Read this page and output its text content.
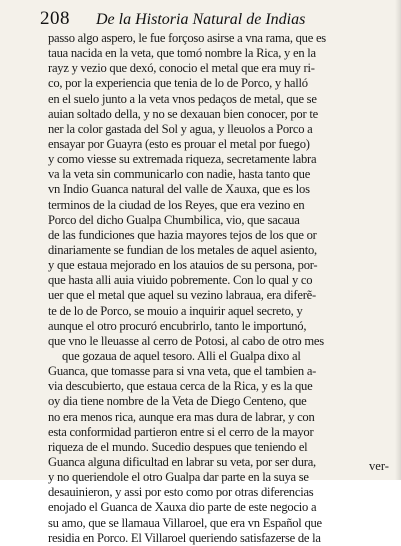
208 De la Historia Natural de Indias
passo algo aspero, le fue forçoso asirse a vna rama, que es
taua nacida en la veta, que tomó nombre la Rica, y en la
rayz y vezio que dexó, conocio el metal que era muy ri-
co, por la experiencia que tenia de lo de Porco, y halló
en el suelo junto a la veta vnos pedaços de metal, que se
auian soltado della, y no se dexauan bien conocer, por te
ner la color gastada del Sol y agua, y lleuolos a Porco a
ensayar por Guayra (esto es prouar el metal por fuego)
y como viesse su extremada riqueza, secretamente labra
va la veta sin communicarlo con nadie, hasta tanto que
vn Indio Guanca natural del valle de Xauxa, que es los
terminos de la ciudad de los Reyes, que era vezino en
Porco del dicho Gualpa Chumbilica, vio, que sacaua
de las fundiciones que hazia mayores tejos de los que or
dinariamente se fundian de los metales de aquel asiento,
y que estaua mejorado en los atauios de su persona, por-
que hasta alli auia viuido pobremente. Con lo qual y co
uer que el metal que aquel su vezino labraua, era diferẽ-
te de lo de Porco, se mouio a inquirir aquel secreto, y
aunque el otro procuró encubrirlo, tanto le importunó,
que vno le lleuasse al cerro de Potosi, al cabo de otro mes
que gozaua de aquel tesoro. Alli el Gualpa dixo al
Guanca, que tomasse para si vna veta, que el tambien a-
via descubierto, que estaua cerca de la Rica, y es la que
oy dia tiene nombre de la Veta de Diego Centeno, que
no era menos rica, aunque era mas dura de labrar, y con
esta conformidad partieron entre si el cerro de la mayor
riqueza de el mundo. Sucedio despues que teniendo el
Guanca alguna dificultad en labrar su veta, por ser dura,
y no queriendole el otro Gualpa dar parte en la suya se
desauinieron, y assi por esto como por otras diferencias
enojado el Guanca de Xauxa dio parte de este negocio a
su amo, que se llamaua Villaroel, que era vn Español que
residia en Porco. El Villaroel queriendo satisfazerse de la
ver-
